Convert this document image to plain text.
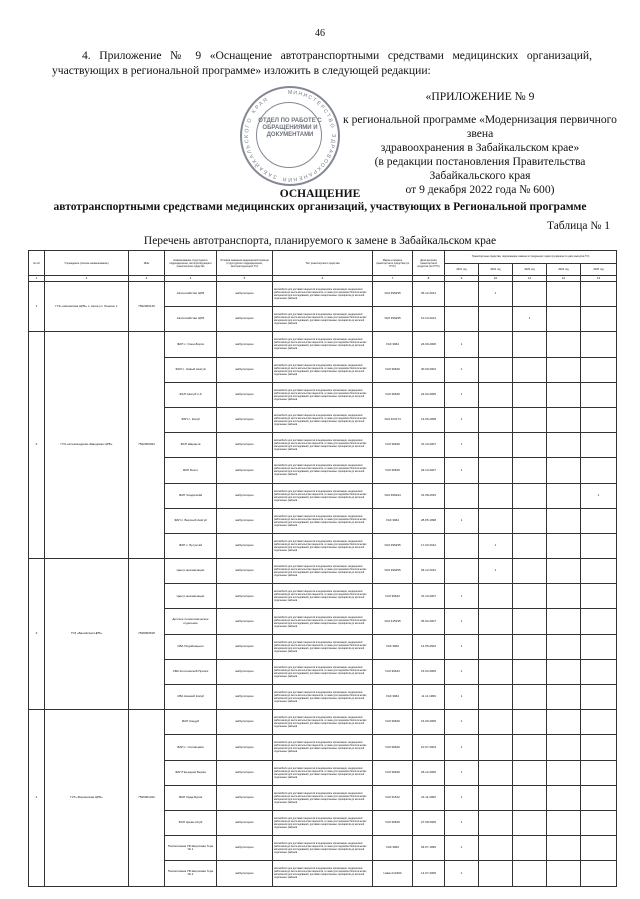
46
4. Приложение № 9 «Оснащение автотранспортными средствами медицинских организаций, участвующих в региональной программе» изложить в следующей редакции:
М И Н И
С
Т
Е
Р
С
Т
В
О
З
Д
Р
А
В
О
О
Х
Р
А
Н
Е
Н
И
Я
З
А
Б
А
Й
К
А
Л
Ь
С
К
О
Г
О
К
Р
А
Я
ОТДЕЛ ПО РАБОТЕ С ОБРАЩЕНИЯМИ И ДОКУМЕНТАМИ
«ПРИЛОЖЕНИЕ № 9
к региональной программе «Модернизация первичного звена
здравоохранения в Забайкальском крае»
(в редакции постановления Правительства
Забайкальского края
от 9 декабря 2022 года № 600)
ОСНАЩЕНИЕ
автотранспортными средствами медицинских организаций, участвующих в Региональной программе
Таблица № 1
Перечень автотранспорта, планируемого к замене в Забайкальском крае
№ п/п	Учреждение (полное наименование)	ИНН	Наименование структурного подразделения, эксплуатирующего транспортное средство	Условия оказания медицинской помощи (структурного подразделения, эксплуатирующего ТС)	Тип транспортного средства	Марка и модель транспортного средства (по ПТС)	Дата выпуска транспортного средства (по ПТС)	Транспортные средства, подлежащие замене в следующих годах (в разрезе по дате выпуска ТС)				
								2021 год	2022 год	2023 год	2024 год	2025 год
1	2	3	4	5	6	7	8	9	10	11	12	13
1	ГУЗ «Акшинская ЦРБ» с. Акша ул. Ленина, 1	7502000149	Автохозяйство ЦРБ	амбулаторно	автомобили для доставки пациентов в медицинские организации, медицинских работников до места жительства пациентов, а также для перевозки биологических материалов для исследований, доставки лекарственных препаратов до жителей отдаленных районов	УАЗ 396295	05.12.2013		1			
			Автохозяйство ЦРБ	амбулаторно	автомобили для доставки пациентов в медицинские организации, медицинских работников до места жительства пациентов, а также для перевозки биологических материалов для исследований, доставки лекарственных препаратов до жителей отдаленных районов	УАЗ 396295	10.10.2014			1		
2	ГУЗ «Александрово-Заводская ЦРБ»	7502000944	ФАП с. Онон-Борзя	амбулаторно	автомобили для доставки пациентов в медицинские организации, медицинских работников до места жительства пациентов, а также для перевозки биологических материалов для исследований, доставки лекарственных препаратов до жителей отдаленных районов	УАЗ 3962	24.09.2006	1				
			ФАП с. Новый Акатуй	амбулаторно	автомобили для доставки пациентов в медицинские организации, медицинских работников до места жительства пациентов, а также для перевозки биологических материалов для исследований, доставки лекарственных препаратов до жителей отдаленных районов	УАЗ 39629	30.09.2004	1				
			ФАП Акатуй 1-й	амбулаторно	автомобили для доставки пациентов в медицинские организации, медицинских работников до места жительства пациентов, а также для перевозки биологических материалов для исследований, доставки лекарственных препаратов до жителей отдаленных районов	УАЗ 39629	22.03.2005	1				
			ФАП с. Кокуй	амбулаторно	автомобили для доставки пациентов в медицинские организации, медицинских работников до места жительства пациентов, а также для перевозки биологических материалов для исследований, доставки лекарственных препаратов до жителей отдаленных районов	УАЗ 323174	13.06.2008	1				
			ФАП Шаранча	амбулаторно	автомобили для доставки пациентов в медицинские организации, медицинских работников до места жительства пациентов, а также для перевозки биологических материалов для исследований, доставки лекарственных препаратов до жителей отдаленных районов	УАЗ 39629	31.10.2007	1				
			ФАП Бохто	амбулаторно	автомобили для доставки пациентов в медицинские организации, медицинских работников до места жительства пациентов, а также для перевозки биологических материалов для исследований, доставки лекарственных препаратов до жителей отдаленных районов	УАЗ 39629	29.10.2007	1				
			ФАП Чиндагатай	амбулаторно	автомобили для доставки пациентов в медицинские организации, медицинских работников до места жительства пациентов, а также для перевозки биологических материалов для исследований, доставки лекарственных препаратов до жителей отдаленных районов	УАЗ 396294	31.08.2015					1
			ФАП с. Верхний Акатуй	амбулаторно	автомобили для доставки пациентов в медицинские организации, медицинских работников до места жительства пациентов, а также для перевозки биологических материалов для исследований, доставки лекарственных препаратов до жителей отдаленных районов	УАЗ 3962	28.05.1998	1				
			ФАП с. Бутунтай	амбулаторно	автомобили для доставки пациентов в медицинские организации, медицинских работников до места жительства пациентов, а также для перевозки биологических материалов для исследований, доставки лекарственных препаратов до жителей отдаленных районов	УАЗ 396295	17.03.2012		1			
3	ГУЗ «Балейская ЦРБ»	7528000518	Центр механизации	амбулаторно	автомобили для доставки пациентов в медицинские организации, медицинских работников до места жительства пациентов, а также для перевозки биологических материалов для исследований, доставки лекарственных препаратов до жителей отдаленных районов	УАЗ 396255	04.12.2012		1			
			Центр механизации	амбулаторно	автомобили для доставки пациентов в медицинские организации, медицинских работников до места жительства пациентов, а также для перевозки биологических материалов для исследований, доставки лекарственных препаратов до жителей отдаленных районов	УАЗ 39623	31.10.2007	1				
			Детское поликлиническое отделение	амбулаторно	автомобили для доставки пациентов в медицинские организации, медицинских работников до места жительства пациентов, а также для перевозки биологических материалов для исследований, доставки лекарственных препаратов до жителей отдаленных районов	УАЗ 315195	05.02.2007	1				
			СВА Подойницыно	амбулаторно	автомобили для доставки пациентов в медицинские организации, медицинских работников до места жительства пациентов, а также для перевозки биологических материалов для исследований, доставки лекарственных препаратов до жителей отдаленных районов	УАЗ 3962	14.05.2004	1				
			СВА Колочинский Прииск	амбулаторно	автомобили для доставки пациентов в медицинские организации, медицинских работников до места жительства пациентов, а также для перевозки биологических материалов для исследований, доставки лекарственных препаратов до жителей отдаленных районов	УАЗ 39623	15.03.2005	1				
			СВА Нижний Кокуй	амбулаторно	автомобили для доставки пациентов в медицинские организации, медицинских работников до места жительства пациентов, а также для перевозки биологических материалов для исследований, доставки лекарственных препаратов до жителей отдаленных районов	УАЗ 3962	11.11.1999	1				
4	ГУЗ «Борзинская ЦРБ»	7529001222	ФАП Кондуй	амбулаторно	автомобили для доставки пациентов в медицинские организации, медицинских работников до места жительства пациентов, а также для перевозки биологических материалов для исследований, доставки лекарственных препаратов до жителей отдаленных районов	УАЗ 39629	16.09.2005	1				
			ФАП с. Соловьевск	амбулаторно	автомобили для доставки пациентов в медицинские организации, медицинских работников до места жительства пациентов, а также для перевозки биологических материалов для исследований, доставки лекарственных препаратов до жителей отдаленных районов	УАЗ 39629	10.07.2004	1				
			ФАП Передняя Бырка	амбулаторно	автомобили для доставки пациентов в медицинские организации, медицинских работников до места жительства пациентов, а также для перевозки биологических материалов для исследований, доставки лекарственных препаратов до жителей отдаленных районов	УАЗ 39629	26.12.2005	1				
			ФАП Хада-Булак	амбулаторно	автомобили для доставки пациентов в медицинские организации, медицинских работников до места жительства пациентов, а также для перевозки биологических материалов для исследований, доставки лекарственных препаратов до жителей отдаленных районов	УАЗ 31512	24.11.2000	1				
			ФАП Цаган-Олуй	амбулаторно	автомобили для доставки пациентов в медицинские организации, медицинских работников до места жительства пациентов, а также для перевозки биологических материалов для исследований, доставки лекарственных препаратов до жителей отдаленных районов	УАЗ 39629	27.08.2005	1				
			Поликлиника УБ Шерловая Гора № 1	амбулаторно	автомобили для доставки пациентов в медицинские организации, медицинских работников до места жительства пациентов, а также для перевозки биологических материалов для исследований, доставки лекарственных препаратов до жителей отдаленных районов	УАЗ 3962	04.07.1995	1				
			Поликлиника УБ Шерловая Гора № 2	амбулаторно	автомобили для доставки пациентов в медицинские организации, медицинских работников до места жительства пациентов, а также для перевозки биологических материалов для исследований, доставки лекарственных препаратов до жителей отдаленных районов	Нива 212300	14.07.2005	1				
